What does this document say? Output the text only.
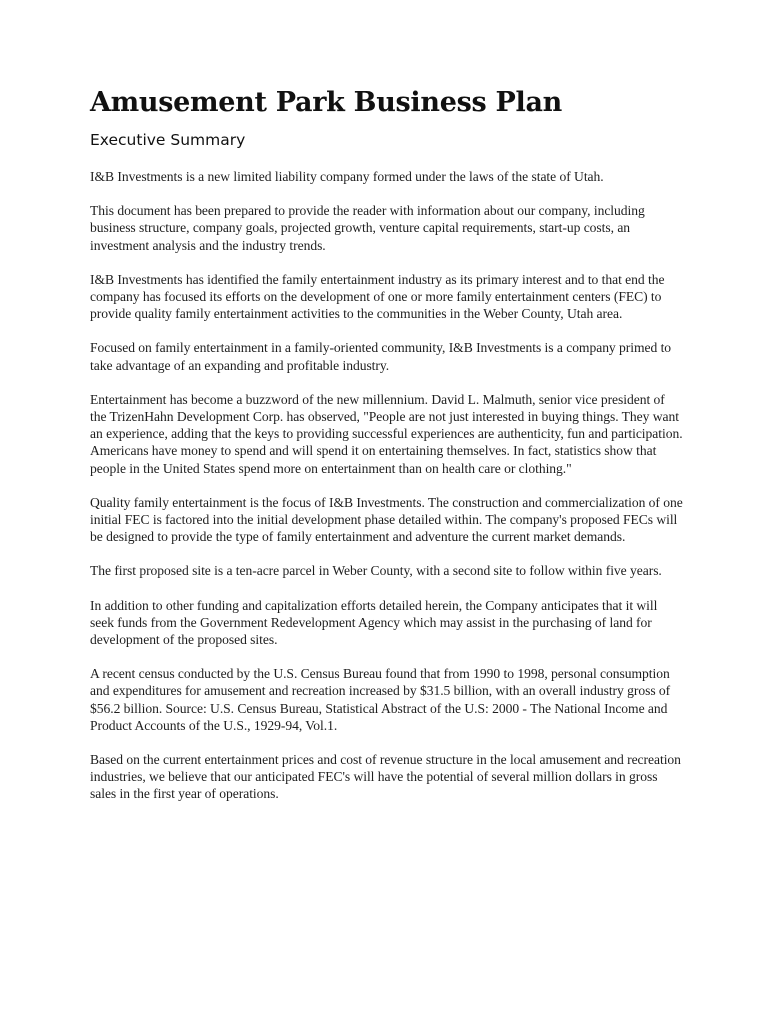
Amusement Park Business Plan
Executive Summary

I&B Investments is a new limited liability company formed under the laws of the state of Utah.

This document has been prepared to provide the reader with information about our company, including business structure, company goals, projected growth, venture capital requirements, start-up costs, an investment analysis and the industry trends.

I&B Investments has identified the family entertainment industry as its primary interest and to that end the company has focused its efforts on the development of one or more family entertainment centers (FEC) to provide quality family entertainment activities to the communities in the Weber County, Utah area.

Focused on family entertainment in a family-oriented community, I&B Investments is a company primed to take advantage of an expanding and profitable industry.

Entertainment has become a buzzword of the new millennium. David L. Malmuth, senior vice president of the TrizenHahn Development Corp. has observed, "People are not just interested in buying things. They want an experience, adding that the keys to providing successful experiences are authenticity, fun and participation. Americans have money to spend and will spend it on entertaining themselves. In fact, statistics show that people in the United States spend more on entertainment than on health care or clothing."

Quality family entertainment is the focus of I&B Investments. The construction and commercialization of one initial FEC is factored into the initial development phase detailed within. The company's proposed FECs will be designed to provide the type of family entertainment and adventure the current market demands.

The first proposed site is a ten-acre parcel in Weber County, with a second site to follow within five years.

In addition to other funding and capitalization efforts detailed herein, the Company anticipates that it will seek funds from the Government Redevelopment Agency which may assist in the purchasing of land for development of the proposed sites.

A recent census conducted by the U.S. Census Bureau found that from 1990 to 1998, personal consumption and expenditures for amusement and recreation increased by $31.5 billion, with an overall industry gross of $56.2 billion. Source: U.S. Census Bureau, Statistical Abstract of the U.S: 2000 - The National Income and Product Accounts of the U.S., 1929-94, Vol.1.

Based on the current entertainment prices and cost of revenue structure in the local amusement and recreation industries, we believe that our anticipated FEC's will have the potential of several million dollars in gross sales in the first year of operations.
